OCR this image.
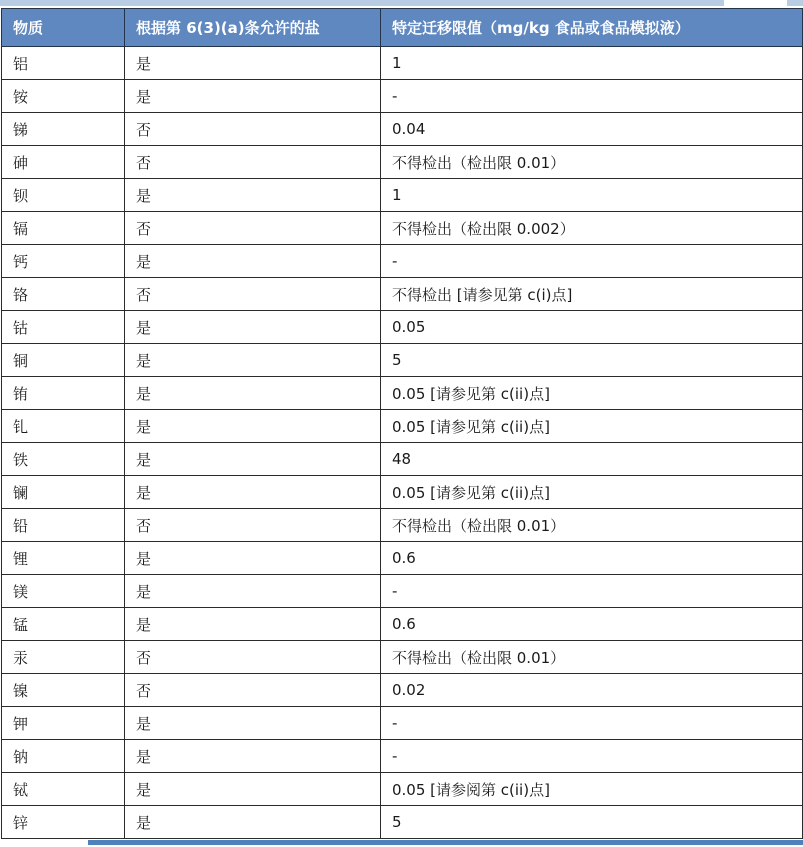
物质	根据第 6(3)(a)条允许的盐	特定迁移限值（mg/kg 食品或食品模拟液）
铝	是	1
铵	是	-
锑	否	0.04
砷	否	不得检出（检出限 0.01）
钡	是	1
镉	否	不得检出（检出限 0.002）
钙	是	-
铬	否	不得检出 [请参见第 c(i)点]
钴	是	0.05
铜	是	5
铕	是	0.05 [请参见第 c(ii)点]
钆	是	0.05 [请参见第 c(ii)点]
铁	是	48
镧	是	0.05 [请参见第 c(ii)点]
铅	否	不得检出（检出限 0.01）
锂	是	0.6
镁	是	-
锰	是	0.6
汞	否	不得检出（检出限 0.01）
镍	否	0.02
钾	是	-
钠	是	-
铽	是	0.05 [请参阅第 c(ii)点]
锌	是	5
